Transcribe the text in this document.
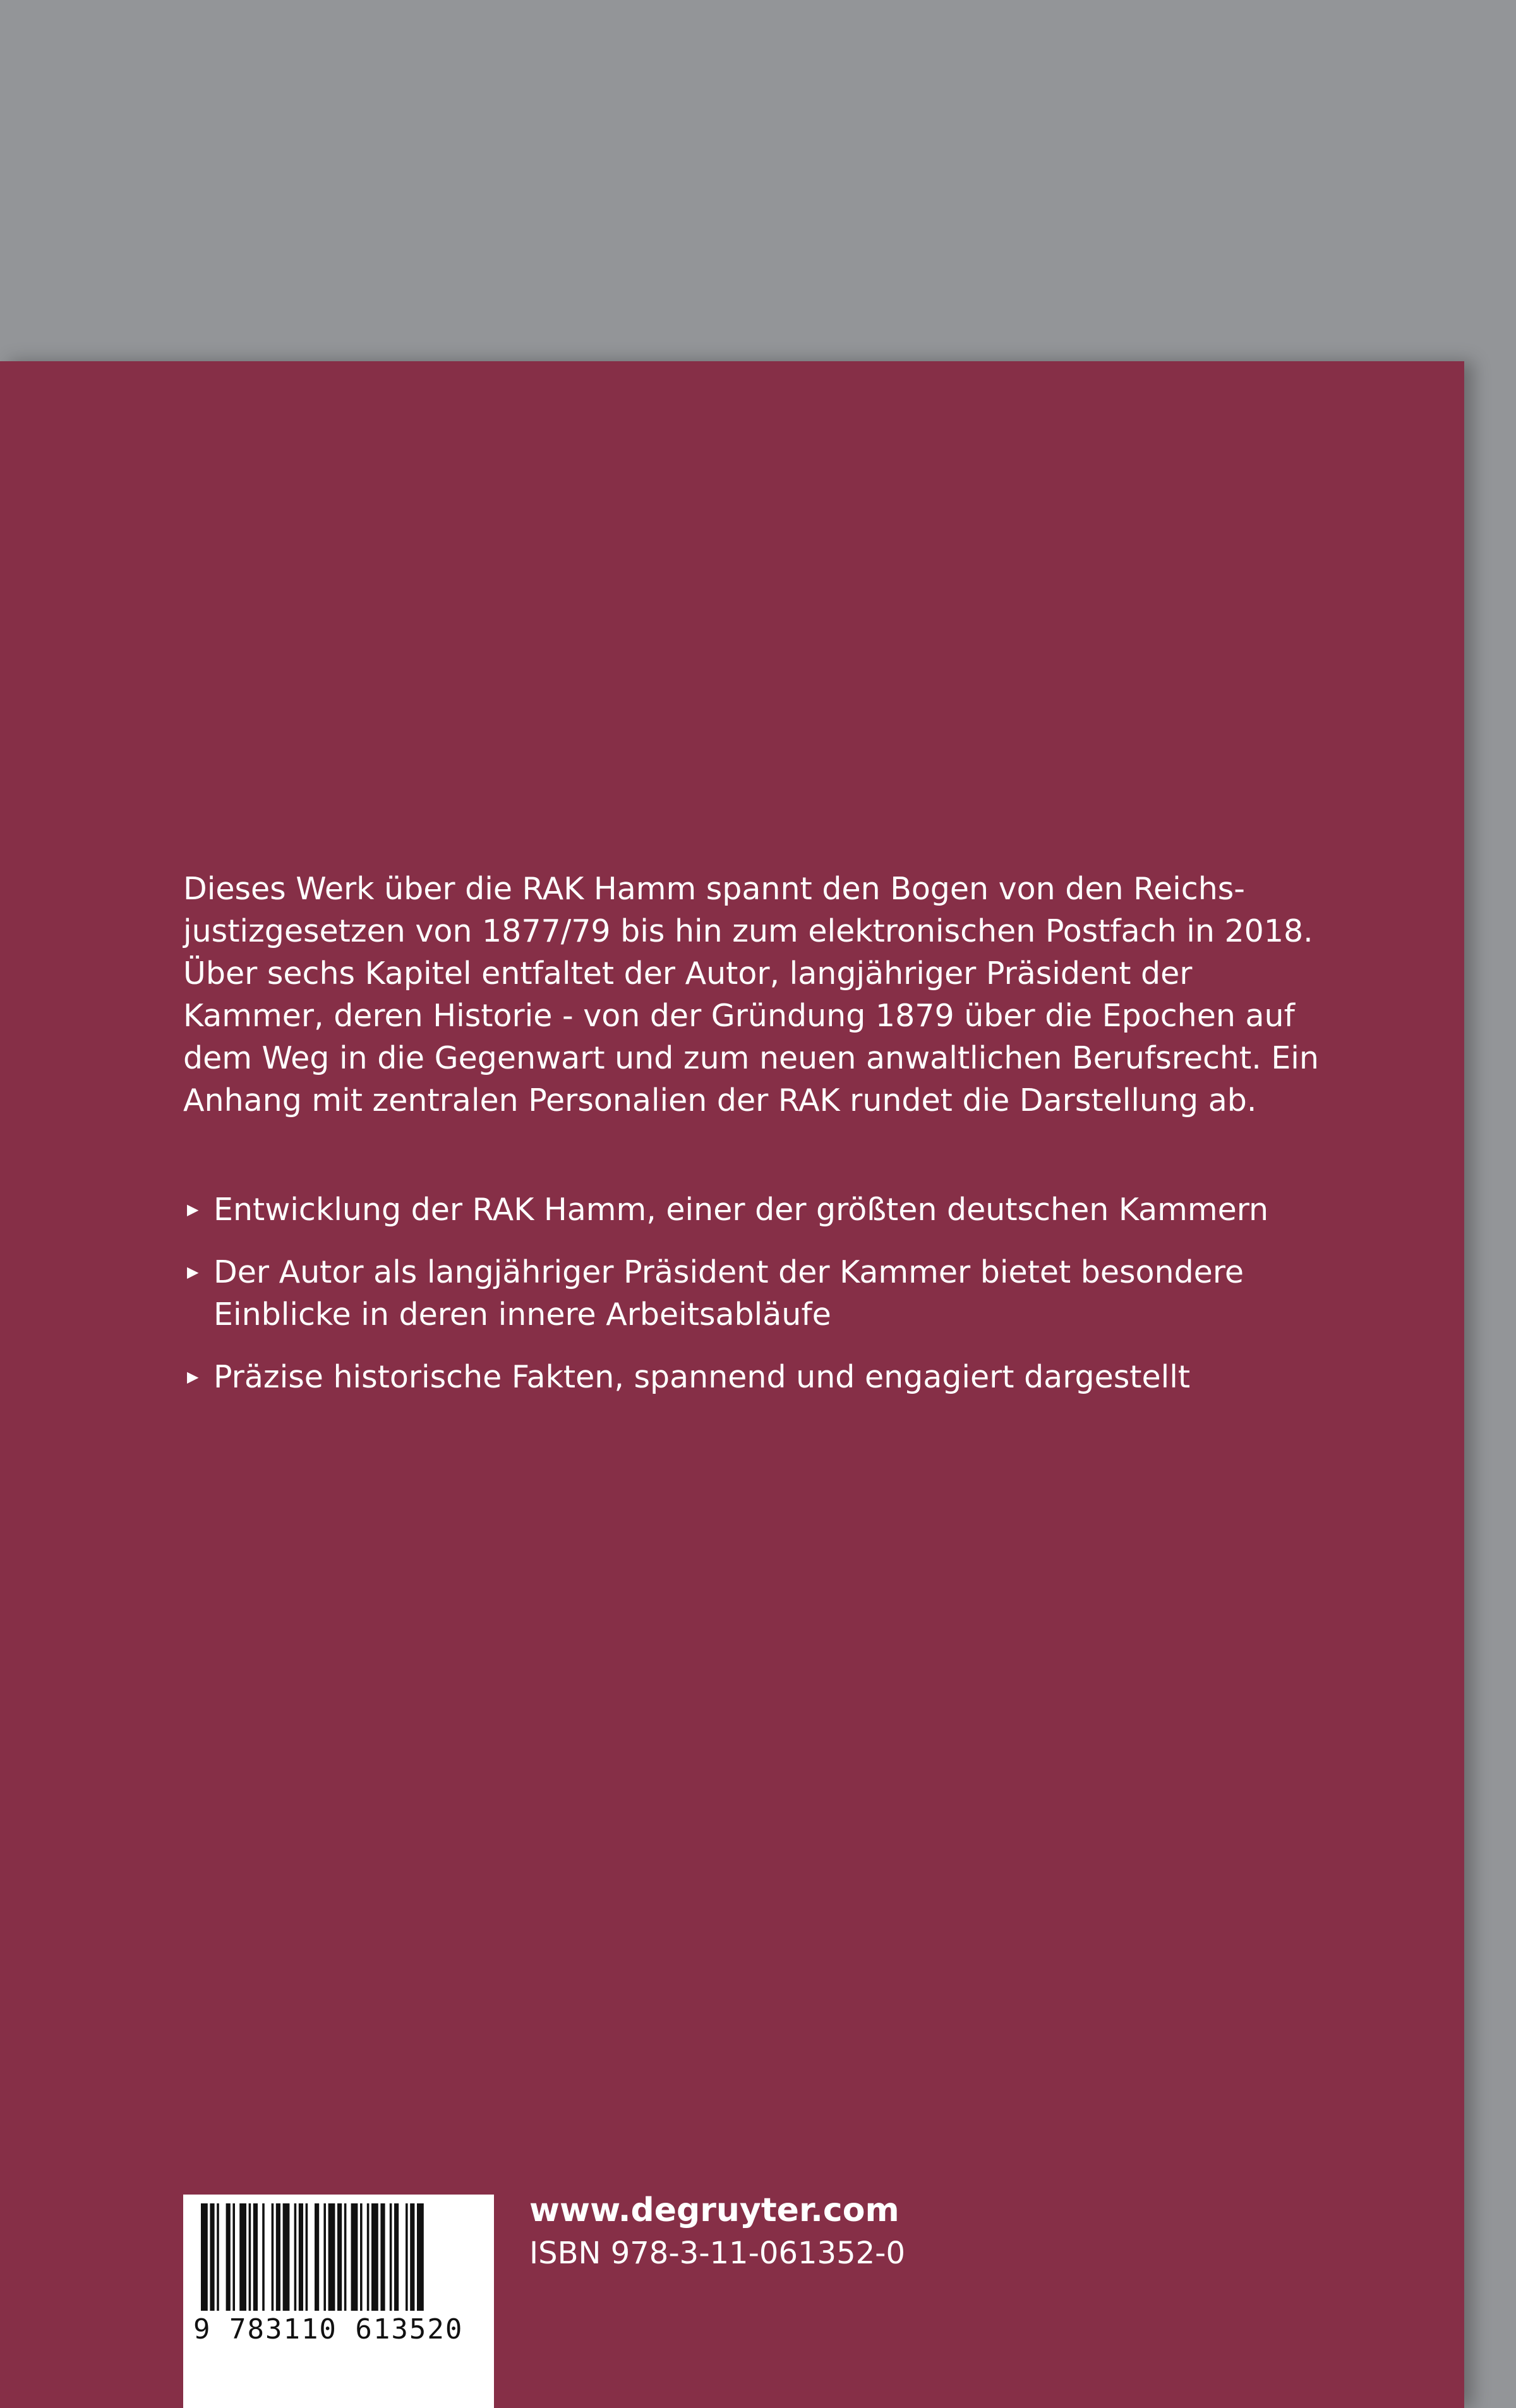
Dieses Werk über die RAK Hamm spannt den Bogen von den Reichsjustizgesetzen von 1877/79 bis hin zum elektronischen Postfach in 2018. Über sechs Kapitel entfaltet der Autor, langjähriger Präsident der Kammer, deren Historie - von der Gründung 1879 über die Epochen auf dem Weg in die Gegenwart und zum neuen anwaltlichen Berufsrecht. Ein Anhang mit zentralen Personalien der RAK rundet die Darstellung ab.

▶ Entwicklung der RAK Hamm, einer der größten deutschen Kammern
▶ Der Autor als langjähriger Präsident der Kammer bietet besondere Einblicke in deren innere Arbeitsabläufe
▶ Präzise historische Fakten, spannend und engagiert dargestellt
9 783110 613520
www.degruyter.com
ISBN 978-3-11-061352-0
